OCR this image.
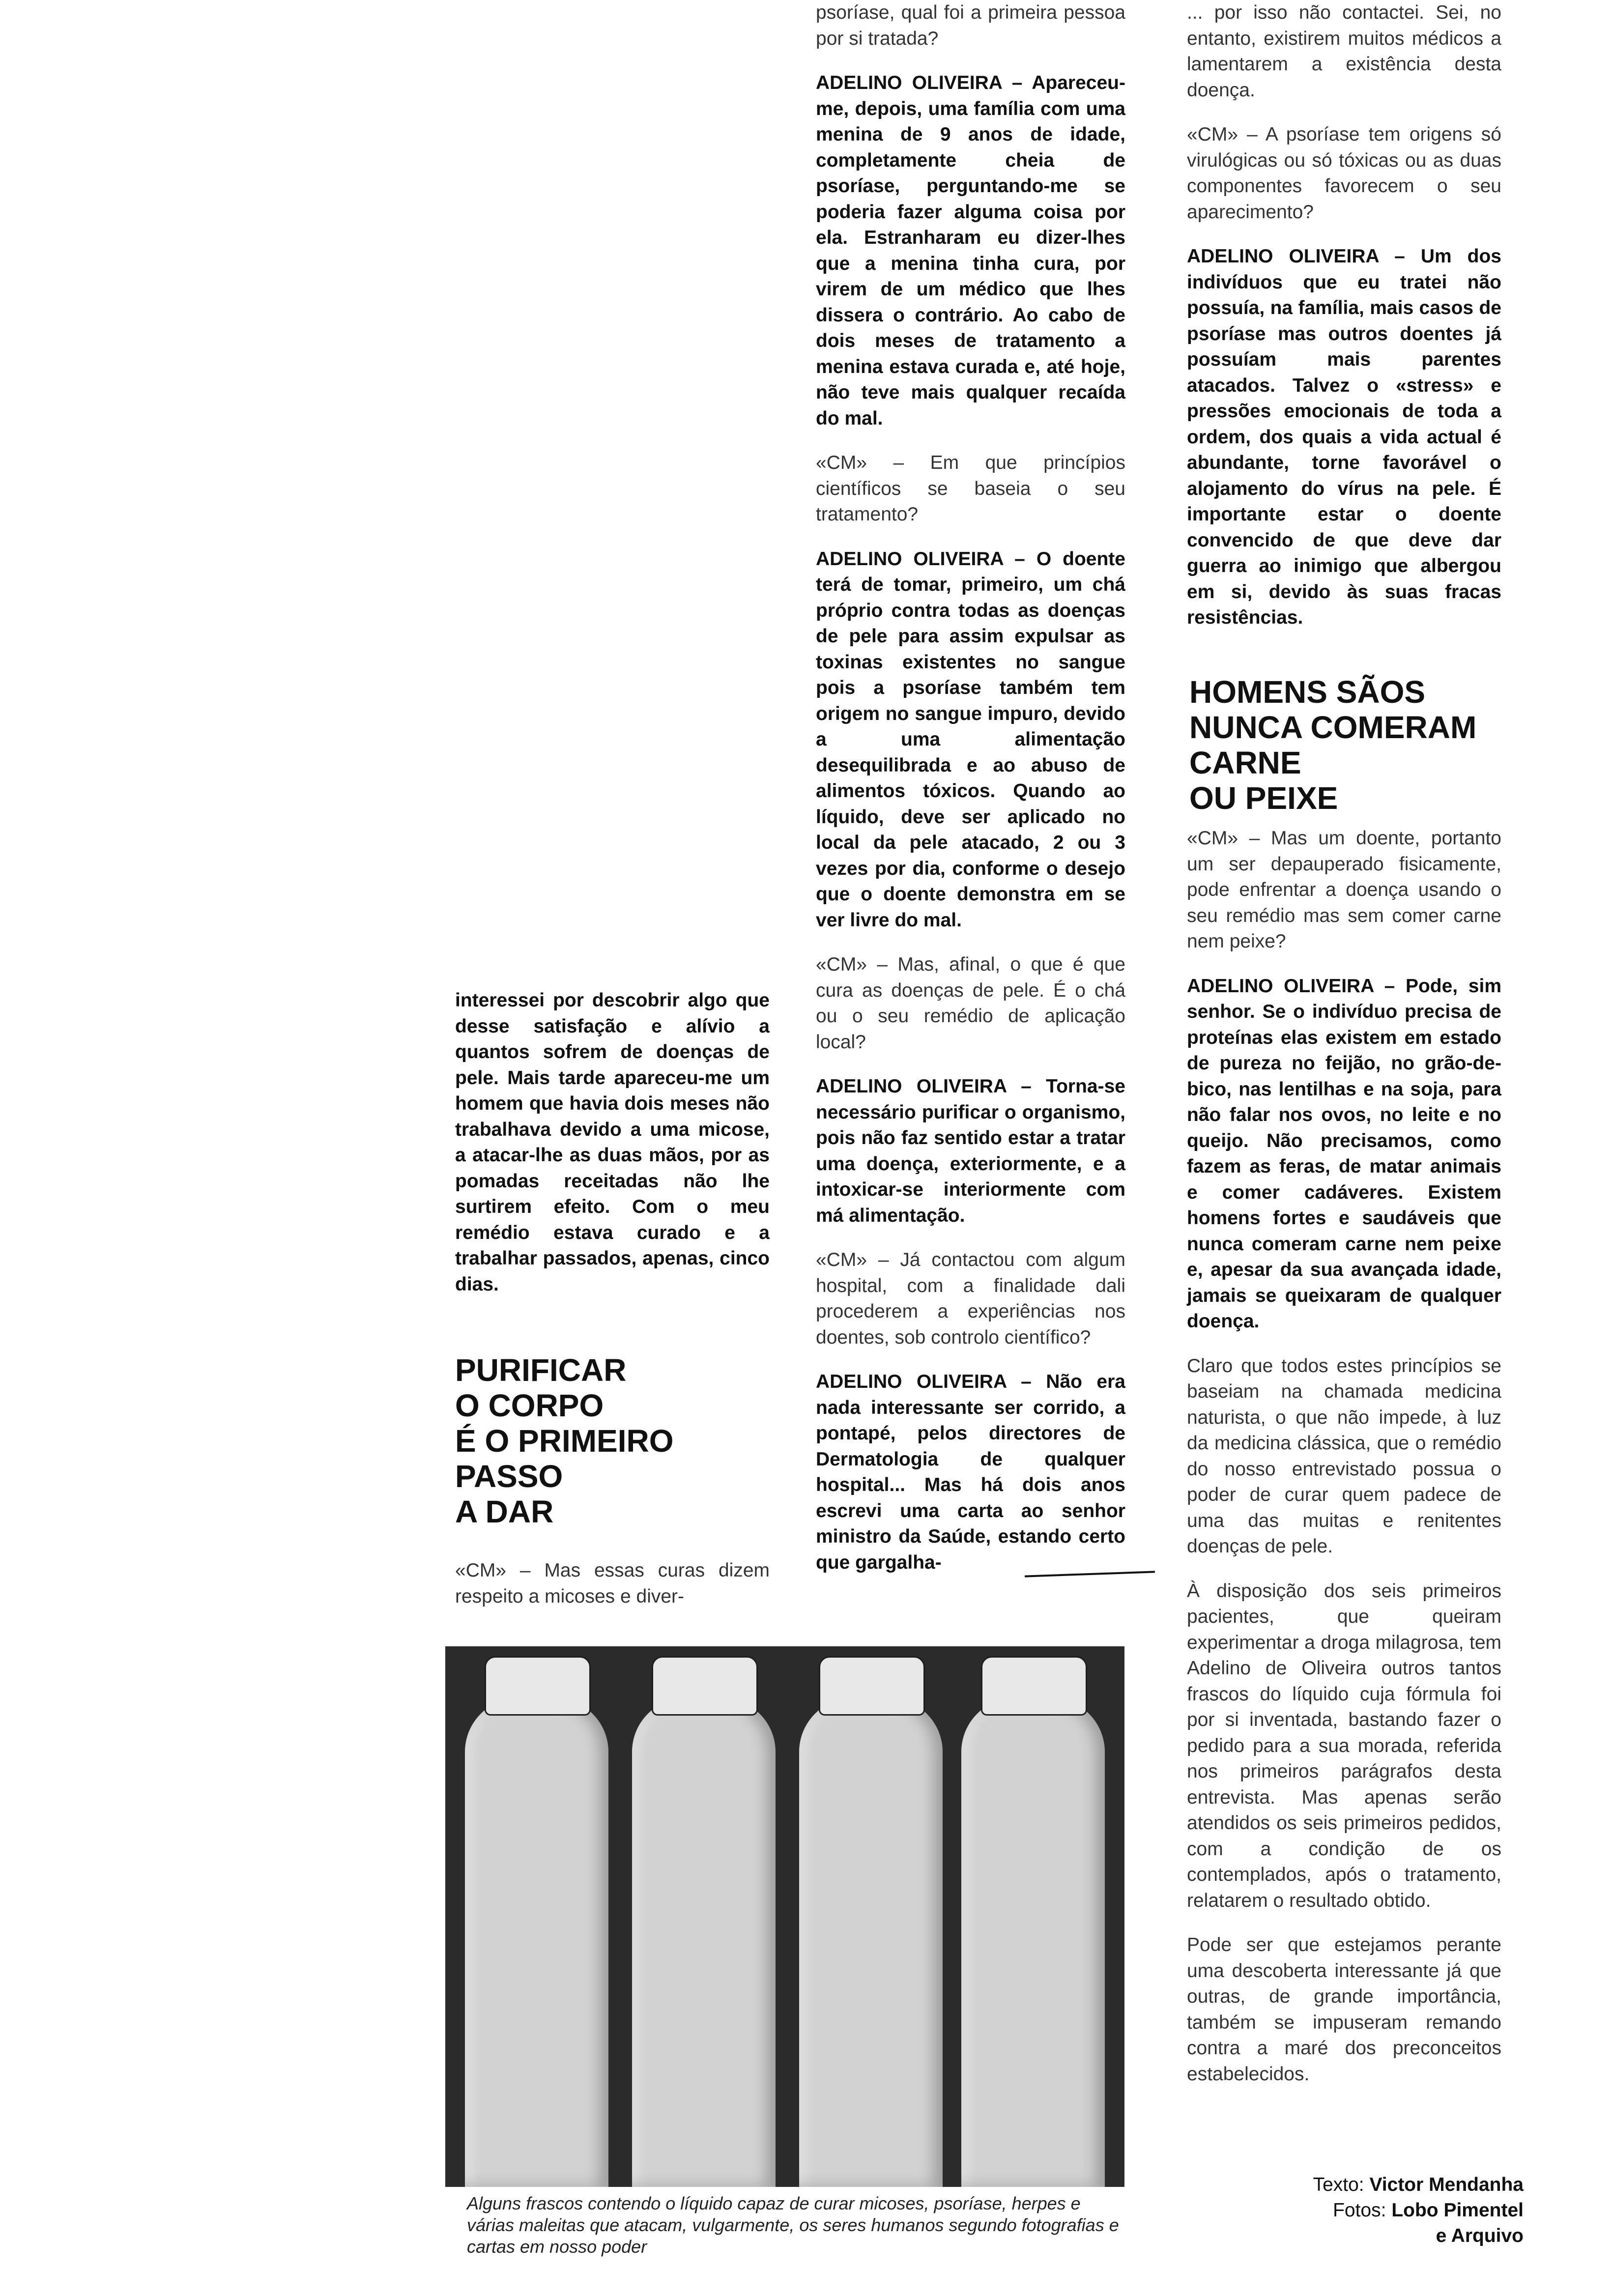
interessei por descobrir algo que desse satisfação e alívio a quantos sofrem de doenças de pele. Mais tarde apareceu-me um homem que havia dois meses não trabalhava devido a uma micose, a atacar-lhe as duas mãos, por as pomadas receitadas não lhe surtirem efeito. Com o meu remédio estava curado e a trabalhar passados, apenas, cinco dias.

PURIFICAR
O CORPO
É O PRIMEIRO
PASSO
A DAR

«CM» – Mas essas curas dizem respeito a micoses e diver-

psoríase, qual foi a primeira pessoa por si tratada?

ADELINO OLIVEIRA – Apareceu-me, depois, uma família com uma menina de 9 anos de idade, completamente cheia de psoríase, perguntando-me se poderia fazer alguma coisa por ela. Estranharam eu dizer-lhes que a menina tinha cura, por virem de um médico que lhes dissera o contrário. Ao cabo de dois meses de tratamento a menina estava curada e, até hoje, não teve mais qualquer recaída do mal.

«CM» – Em que princípios científicos se baseia o seu tratamento?

ADELINO OLIVEIRA – O doente terá de tomar, primeiro, um chá próprio contra todas as doenças de pele para assim expulsar as toxinas existentes no sangue pois a psoríase também tem origem no sangue impuro, devido a uma alimentação desequilibrada e ao abuso de alimentos tóxicos. Quando ao líquido, deve ser aplicado no local da pele atacado, 2 ou 3 vezes por dia, conforme o desejo que o doente demonstra em se ver livre do mal.

«CM» – Mas, afinal, o que é que cura as doenças de pele. É o chá ou o seu remédio de aplicação local?

ADELINO OLIVEIRA – Torna-se necessário purificar o organismo, pois não faz sentido estar a tratar uma doença, exteriormente, e a intoxicar-se interiormente com má alimentação.

«CM» – Já contactou com algum hospital, com a finalidade dali procederem a experiências nos doentes, sob controlo científico?

ADELINO OLIVEIRA – Não era nada interessante ser corrido, a pontapé, pelos directores de Dermatologia de qualquer hospital... Mas há dois anos escrevi uma carta ao senhor ministro da Saúde, estando certo que gargalha-

... por isso não contactei. Sei, no entanto, existirem muitos médicos a lamentarem a existência desta doença.

«CM» – A psoríase tem origens só virulógicas ou só tóxicas ou as duas componentes favorecem o seu aparecimento?

ADELINO OLIVEIRA – Um dos indivíduos que eu tratei não possuía, na família, mais casos de psoríase mas outros doentes já possuíam mais parentes atacados. Talvez o «stress» e pressões emocionais de toda a ordem, dos quais a vida actual é abundante, torne favorável o alojamento do vírus na pele. É importante estar o doente convencido de que deve dar guerra ao inimigo que albergou em si, devido às suas fracas resistências.

HOMENS SÃOS
NUNCA COMERAM
CARNE
OU PEIXE

«CM» – Mas um doente, portanto um ser depauperado fisicamente, pode enfrentar a doença usando o seu remédio mas sem comer carne nem peixe?

ADELINO OLIVEIRA – Pode, sim senhor. Se o indivíduo precisa de proteínas elas existem em estado de pureza no feijão, no grão-de-bico, nas lentilhas e na soja, para não falar nos ovos, no leite e no queijo. Não precisamos, como fazem as feras, de matar animais e comer cadáveres. Existem homens fortes e saudáveis que nunca comeram carne nem peixe e, apesar da sua avançada idade, jamais se queixaram de qualquer doença.

Claro que todos estes princípios se baseiam na chamada medicina naturista, o que não impede, à luz da medicina clássica, que o remédio do nosso entrevistado possua o poder de curar quem padece de uma das muitas e renitentes doenças de pele.

À disposição dos seis primeiros pacientes, que queiram experimentar a droga milagrosa, tem Adelino de Oliveira outros tantos frascos do líquido cuja fórmula foi por si inventada, bastando fazer o pedido para a sua morada, referida nos primeiros parágrafos desta entrevista. Mas apenas serão atendidos os seis primeiros pedidos, com a condição de os contemplados, após o tratamento, relatarem o resultado obtido.

Pode ser que estejamos perante uma descoberta interessante já que outras, de grande importância, também se impuseram remando contra a maré dos preconceitos estabelecidos.

Alguns frascos contendo o líquido capaz de curar micoses, psoríase, herpes e várias maleitas que atacam, vulgarmente, os seres humanos segundo fotografias e cartas em nosso poder
Texto: Victor Mendanha
Fotos: Lobo Pimentel
e Arquivo
